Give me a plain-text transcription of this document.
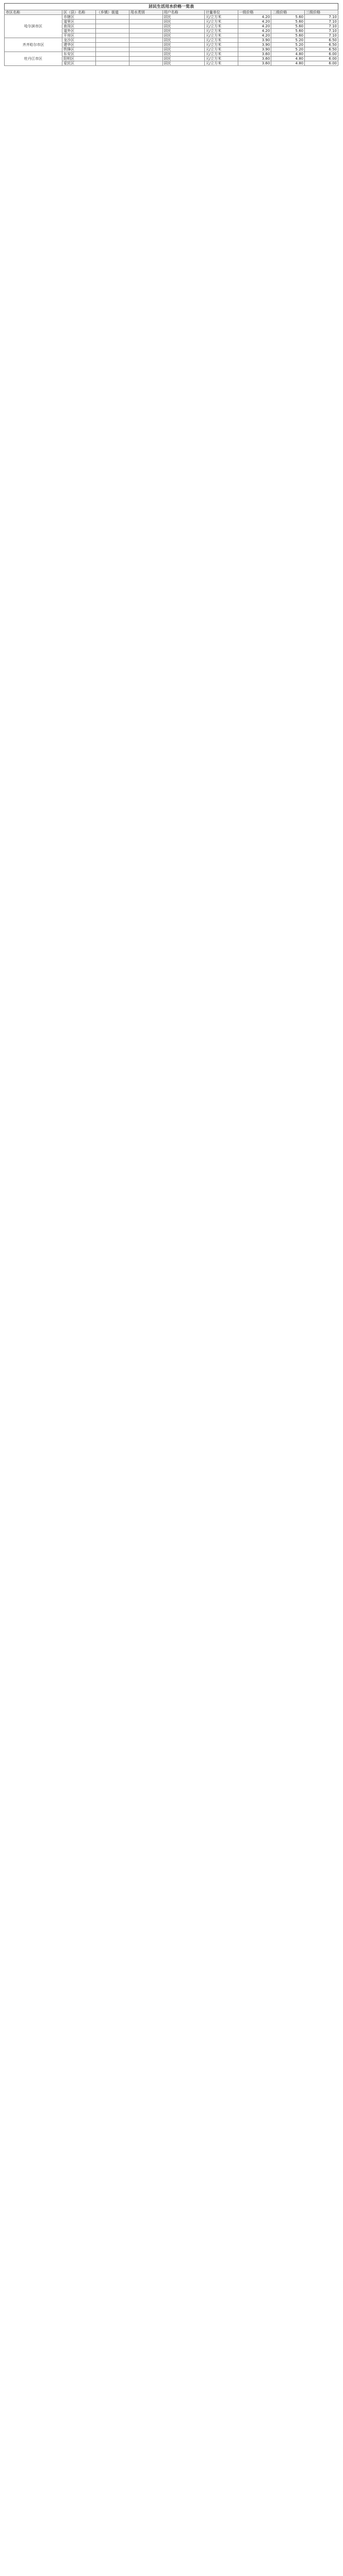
居民生活用水价格一览表
市区名称	区（县）名称	（乡镇）街道	用水类别	用户名称	计量单位	一级价格	二级价格	三级价格
哈尔滨市区	市辖区			居民	元/立方米	4.20	5.60	7.10
	道里区			居民	元/立方米	4.20	5.60	7.10
	南岗区			居民	元/立方米	4.20	5.60	7.10
	道外区			居民	元/立方米	4.20	5.60	7.10
	平房区			居民	元/立方米	4.20	5.60	7.10
齐齐哈尔市区	龙沙区			居民	元/立方米	3.90	5.20	6.50
	建华区			居民	元/立方米	3.90	5.20	6.50
	铁锋区			居民	元/立方米	3.90	5.20	6.50
牡丹江市区	东安区			居民	元/立方米	3.60	4.80	6.00
	阳明区			居民	元/立方米	3.60	4.80	6.00
	爱民区			居民	元/立方米	3.60	4.80	6.00
